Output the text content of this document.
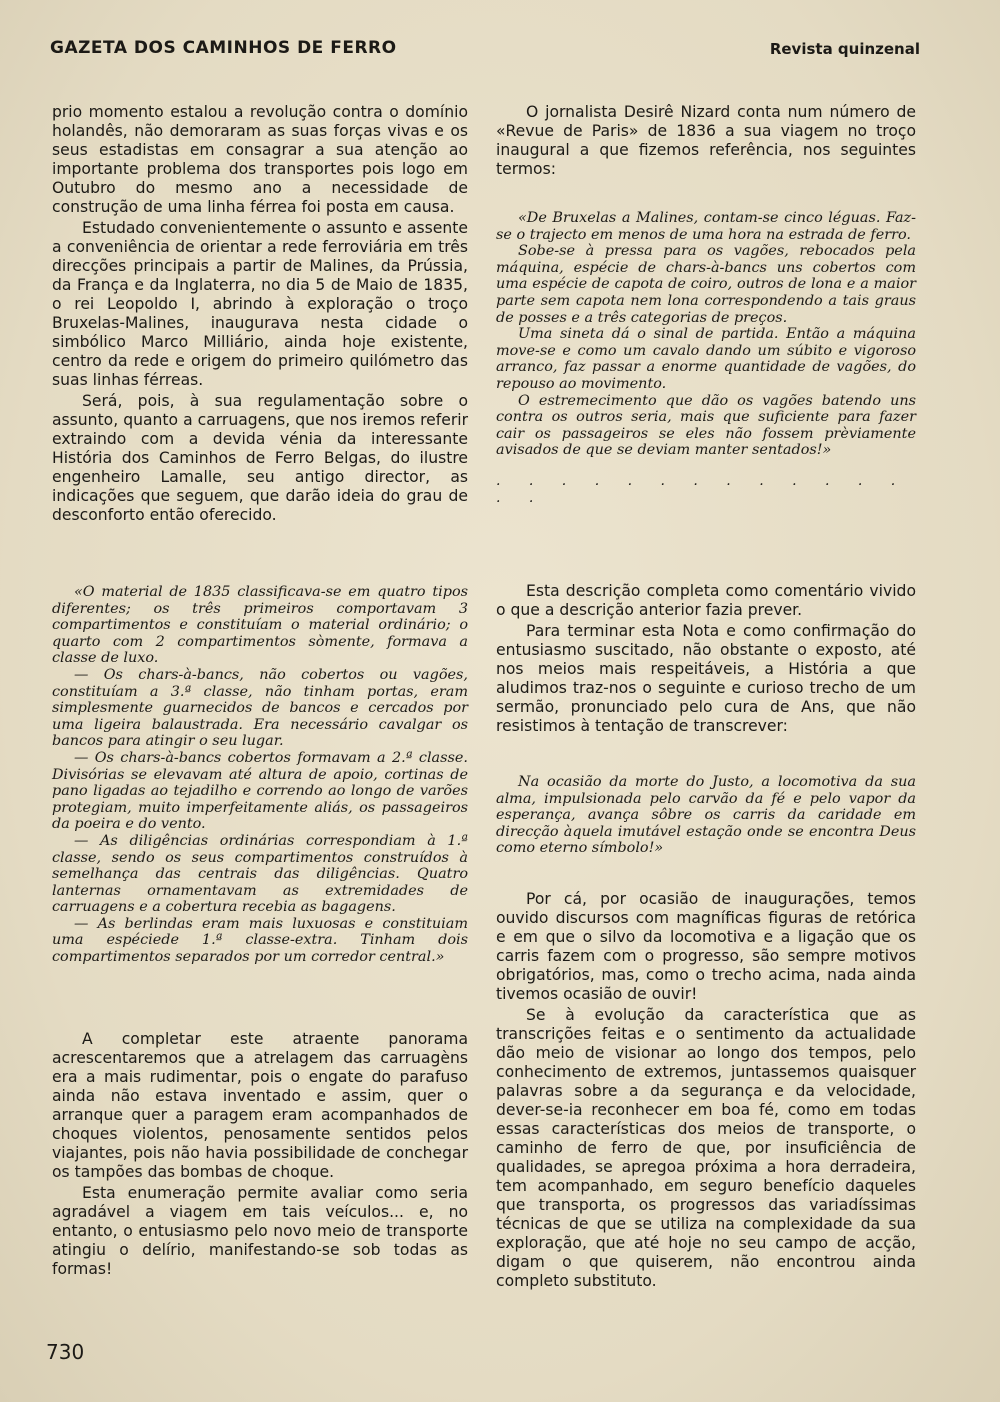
GAZETA DOS CAMINHOS DE FERRO	Revista quinzenal

prio momento estalou a revolução contra o domínio holandês, não demoraram as suas forças vivas e os seus estadistas em consagrar a sua atenção ao importante problema dos transportes pois logo em Outubro do mesmo ano a necessidade de construção de uma linha férrea foi posta em causa.

Estudado convenientemente o assunto e assente a conveniência de orientar a rede ferroviária em três direcções principais a partir de Malines, da Prússia, da França e da Inglaterra, no dia 5 de Maio de 1835, o rei Leopoldo I, abrindo à exploração o troço Bruxelas-Malines, inaugurava nesta cidade o simbólico Marco Milliário, ainda hoje existente, centro da rede e origem do primeiro quilómetro das suas linhas férreas.

Será, pois, à sua regulamentação sobre o assunto, quanto a carruagens, que nos iremos referir extraindo com a devida vénia da interessante História dos Caminhos de Ferro Belgas, do ilustre engenheiro Lamalle, seu antigo director, as indicações que seguem, que darão ideia do grau de desconforto então oferecido.

«O material de 1835 classificava-se em quatro tipos diferentes; os três primeiros comportavam 3 compartimentos e constituíam o material ordinário; o quarto com 2 compartimentos sòmente, formava a classe de luxo.

— Os chars-à-bancs, não cobertos ou vagões, constituíam a 3.ª classe, não tinham portas, eram simplesmente guarnecidos de bancos e cercados por uma ligeira balaustrada. Era necessário cavalgar os bancos para atingir o seu lugar.

— Os chars-à-bancs cobertos formavam a 2.ª classe. Divisórias se elevavam até altura de apoio, cortinas de pano ligadas ao tejadilho e correndo ao longo de varões protegiam, muito imperfeitamente aliás, os passageiros da poeira e do vento.

— As diligências ordinárias correspondiam à 1.ª classe, sendo os seus compartimentos construídos à semelhança das centrais das diligências. Quatro lanternas ornamentavam as extremidades de carruagens e a cobertura recebia as bagagens.

— As berlindas eram mais luxuosas e constituiam uma espéciede 1.ª classe-extra. Tinham dois compartimentos separados por um corredor central.»

A completar este atraente panorama acrescentaremos que a atrelagem das carruagèns era a mais rudimentar, pois o engate do parafuso ainda não estava inventado e assim, quer o arranque quer a paragem eram acompanhados de choques violentos, penosamente sentidos pelos viajantes, pois não havia possibilidade de conchegar os tampões das bombas de choque.

Esta enumeração permite avaliar como seria agradável a viagem em tais veículos... e, no entanto, o entusiasmo pelo novo meio de transporte atingiu o delírio, manifestando-se sob todas as formas!

O jornalista Desirê Nizard conta num número de «Revue de Paris» de 1836 a sua viagem no troço inaugural a que fizemos referência, nos seguintes termos:

«De Bruxelas a Malines, contam-se cinco léguas. Faz-se o trajecto em menos de uma hora na estrada de ferro.

Sobe-se à pressa para os vagões, rebocados pela máquina, espécie de chars-à-bancs uns cobertos com uma espécie de capota de coiro, outros de lona e a maior parte sem capota nem lona correspondendo a tais graus de posses e a três categorias de preços.

Uma sineta dá o sinal de partida. Então a máquina move-se e como um cavalo dando um súbito e vigoroso arranco, faz passar a enorme quantidade de vagões, do repouso ao movimento.

O estremecimento que dão os vagões batendo uns contra os outros seria, mais que suficiente para fazer cair os passageiros se eles não fossem prèviamente avisados de que se deviam manter sentados!»

. . . . . . . . . . . . . . .

Esta descrição completa como comentário vivido o que a descrição anterior fazia prever.

Para terminar esta Nota e como confirmação do entusiasmo suscitado, não obstante o exposto, até nos meios mais respeitáveis, a História a que aludimos traz-nos o seguinte e curioso trecho de um sermão, pronunciado pelo cura de Ans, que não resistimos à tentação de transcrever:

Na ocasião da morte do Justo, a locomotiva da sua alma, impulsionada pelo carvão da fé e pelo vapor da esperança, avança sôbre os carris da caridade em direcção àquela imutável estação onde se encontra Deus como eterno símbolo!»

Por cá, por ocasião de inaugurações, temos ouvido discursos com magníficas figuras de retórica e em que o silvo da locomotiva e a ligação que os carris fazem com o progresso, são sempre motivos obrigatórios, mas, como o trecho acima, nada ainda tivemos ocasião de ouvir!

Se à evolução da característica que as transcrições feitas e o sentimento da actualidade dão meio de visionar ao longo dos tempos, pelo conhecimento de extremos, juntassemos quaisquer palavras sobre a da segurança e da velocidade, dever-se-ia reconhecer em boa fé, como em todas essas características dos meios de transporte, o caminho de ferro de que, por insuficiência de qualidades, se apregoa próxima a hora derradeira, tem acompanhado, em seguro benefício daqueles que transporta, os progressos das variadíssimas técnicas de que se utiliza na complexidade da sua exploração, que até hoje no seu campo de acção, digam o que quiserem, não encontrou ainda completo substituto.

730
